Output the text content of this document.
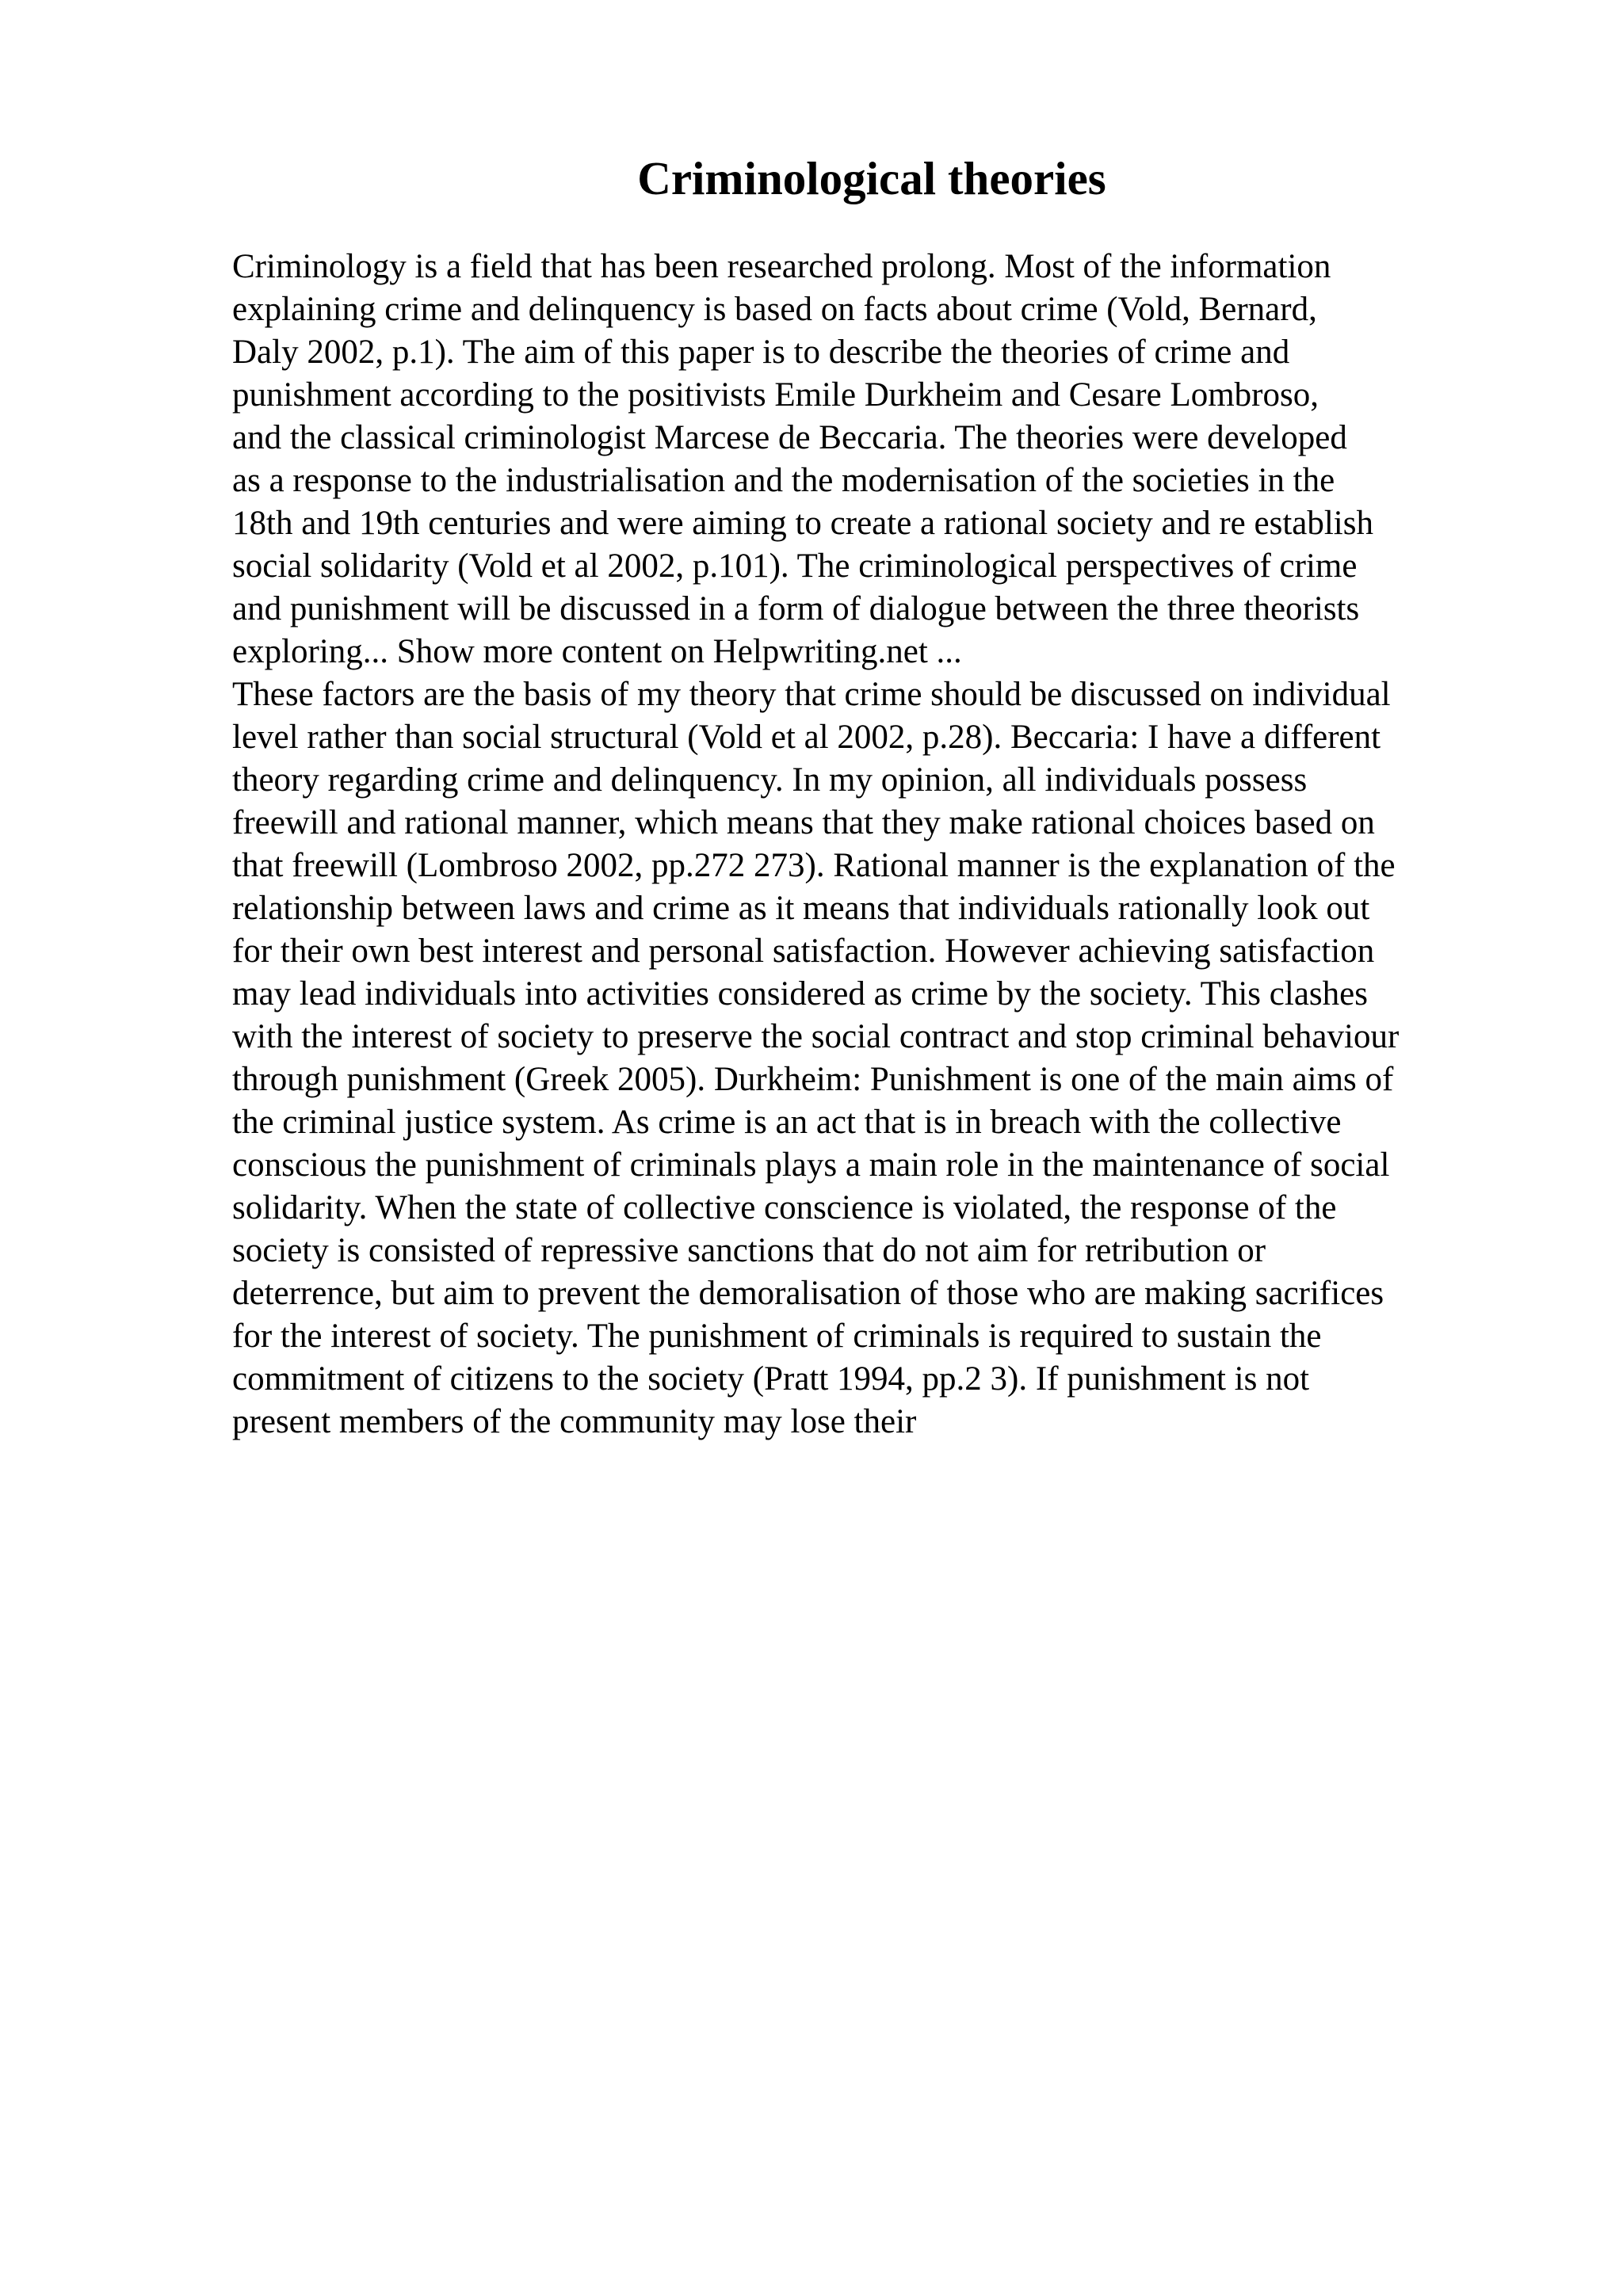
Criminological theories
Criminology is a field that has been researched prolong. Most of the information
explaining crime and delinquency is based on facts about crime (Vold, Bernard,
Daly 2002, p.1). The aim of this paper is to describe the theories of crime and
punishment according to the positivists Emile Durkheim and Cesare Lombroso,
and the classical criminologist Marcese de Beccaria. The theories were developed
as a response to the industrialisation and the modernisation of the societies in the
18th and 19th centuries and were aiming to create a rational society and re establish
social solidarity (Vold et al 2002, p.101). The criminological perspectives of crime
and punishment will be discussed in a form of dialogue between the three theorists
exploring... Show more content on Helpwriting.net ...
These factors are the basis of my theory that crime should be discussed on individual
level rather than social structural (Vold et al 2002, p.28). Beccaria: I have a different
theory regarding crime and delinquency. In my opinion, all individuals possess
freewill and rational manner, which means that they make rational choices based on
that freewill (Lombroso 2002, pp.272 273). Rational manner is the explanation of the
relationship between laws and crime as it means that individuals rationally look out
for their own best interest and personal satisfaction. However achieving satisfaction
may lead individuals into activities considered as crime by the society. This clashes
with the interest of society to preserve the social contract and stop criminal behaviour
through punishment (Greek 2005). Durkheim: Punishment is one of the main aims of
the criminal justice system. As crime is an act that is in breach with the collective
conscious the punishment of criminals plays a main role in the maintenance of social
solidarity. When the state of collective conscience is violated, the response of the
society is consisted of repressive sanctions that do not aim for retribution or
deterrence, but aim to prevent the demoralisation of those who are making sacrifices
for the interest of society. The punishment of criminals is required to sustain the
commitment of citizens to the society (Pratt 1994, pp.2 3). If punishment is not
present members of the community may lose their
